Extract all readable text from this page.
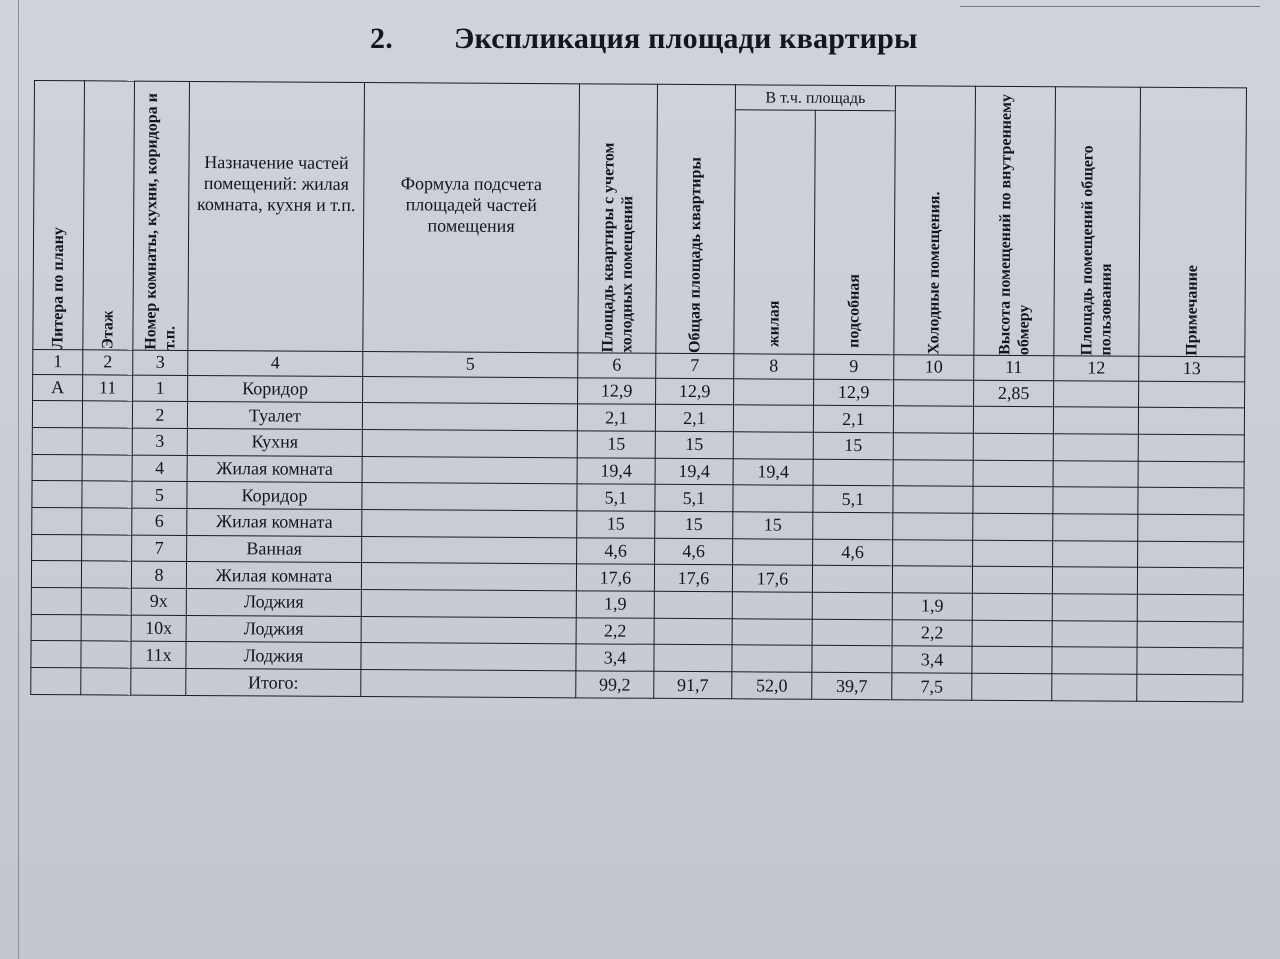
2. Экспликация площади квартиры
Литера по плану	Этаж	Номер комнаты, кухни, коридора и т.п.	Назначение частей помещений: жилая комната, кухня и т.п.	Формула подсчета площадей частей помещения	Площадь квартиры с учетом холодных помещений	Общая площадь квартиры	В т.ч. площадь		Холодные помещения.	Высота помещений по внутреннему обмеру	Площадь помещений общего пользования	Примечание

							жилая	подсобная				

1	2	3	4	5	6	7	8	9	10	11	12	13
А	11	1	Коридор		12,9	12,9		12,9		2,85		
		2	Туалет		2,1	2,1		2,1				
		3	Кухня		15	15		15				
		4	Жилая комната		19,4	19,4	19,4					
		5	Коридор		5,1	5,1		5,1				
		6	Жилая комната		15	15	15					
		7	Ванная		4,6	4,6		4,6				
		8	Жилая комната		17,6	17,6	17,6					
		9х	Лоджия		1,9				1,9			
		10х	Лоджия		2,2				2,2			
		11х	Лоджия		3,4				3,4			
			Итого:		99,2	91,7	52,0	39,7	7,5			
